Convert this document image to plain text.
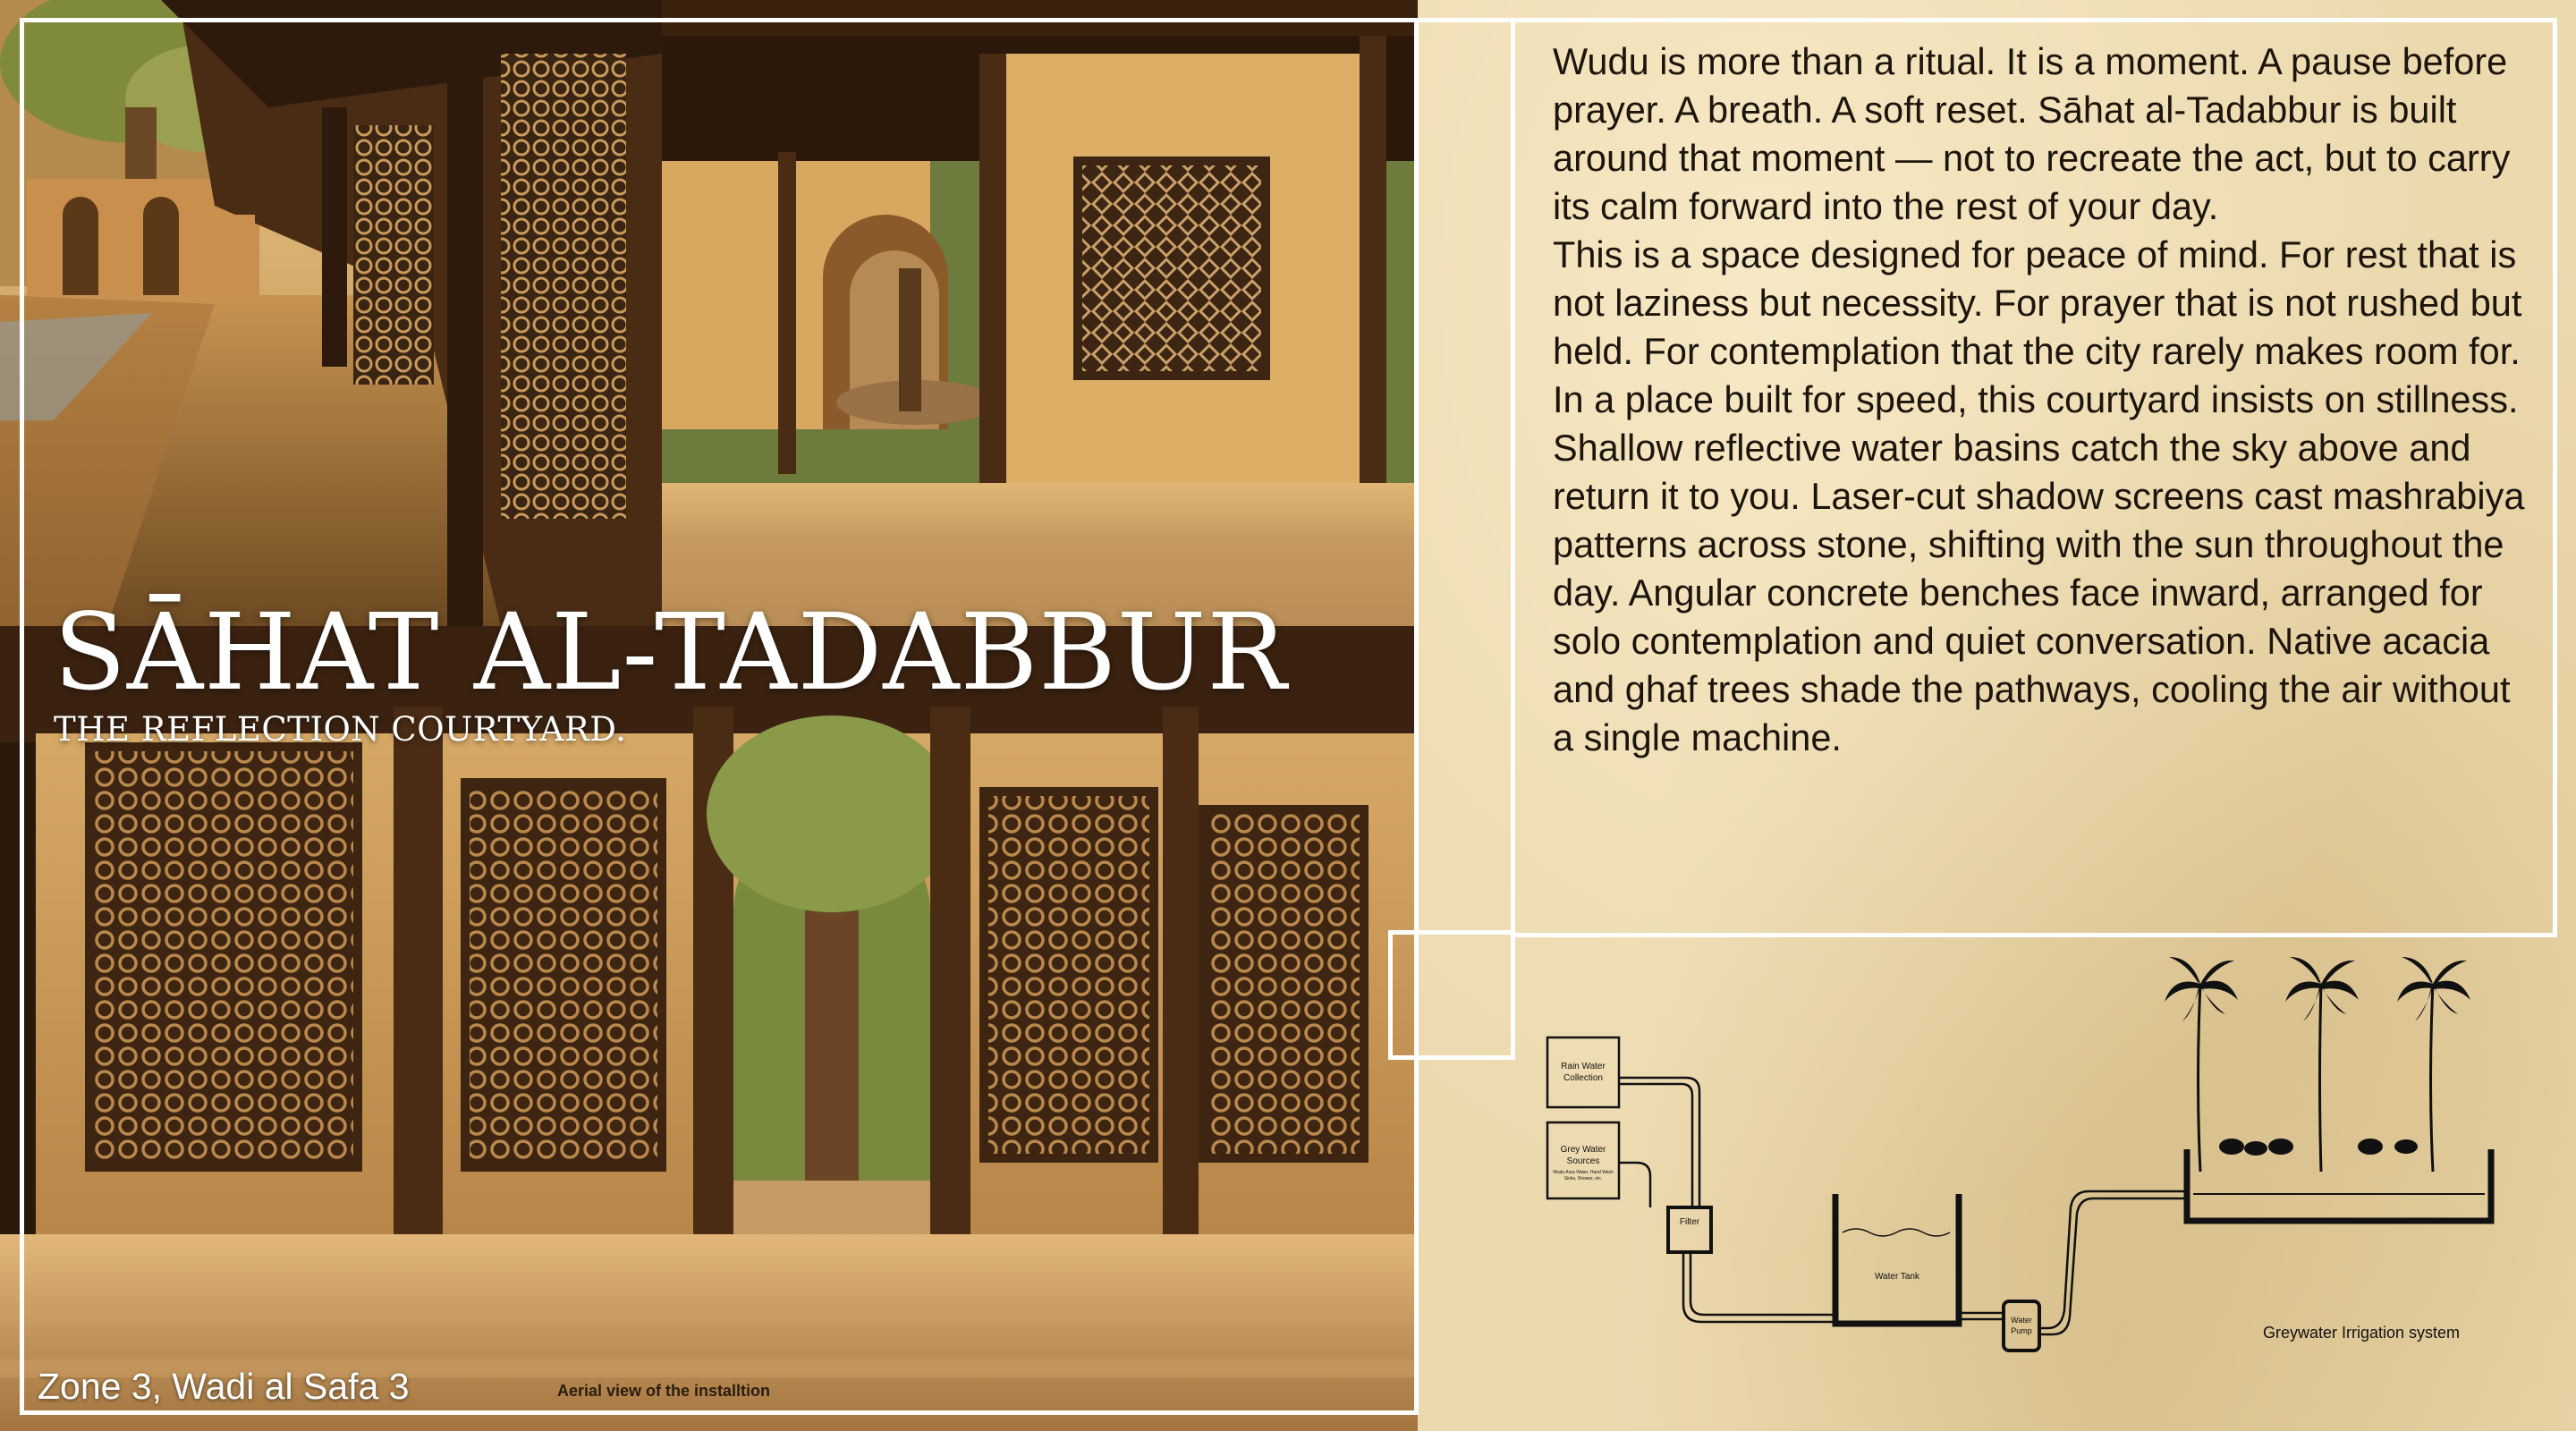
SĀHAT AL-TADABBUR
THE REFLECTION COURTYARD.
Zone 3, Wadi al Safa 3	Aerial view of the installtion

Wudu is more than a ritual. It is a moment. A pause before prayer. A breath. A soft reset. Sāhat al-Tadabbur is built around that moment — not to recreate the act, but to carry its calm forward into the rest of your day.

This is a space designed for peace of mind. For rest that is not laziness but necessity. For prayer that is not rushed but held. For contemplation that the city rarely makes room for. In a place built for speed, this courtyard insists on stillness.

Shallow reflective water basins catch the sky above and return it to you. Laser-cut shadow screens cast mashrabiya patterns across stone, shifting with the sun throughout the day. Angular concrete benches face inward, arranged for solo contemplation and quiet conversation. Native acacia and ghaf trees shade the pathways, cooling the air without a single machine.

Rain Water
Collection
Grey Water
Sources
Wudu Area Water, Hand Wash
Sinks, Shower, etc.
Filter
Water Tank
Water
Pump	Greywater Irrigation system
